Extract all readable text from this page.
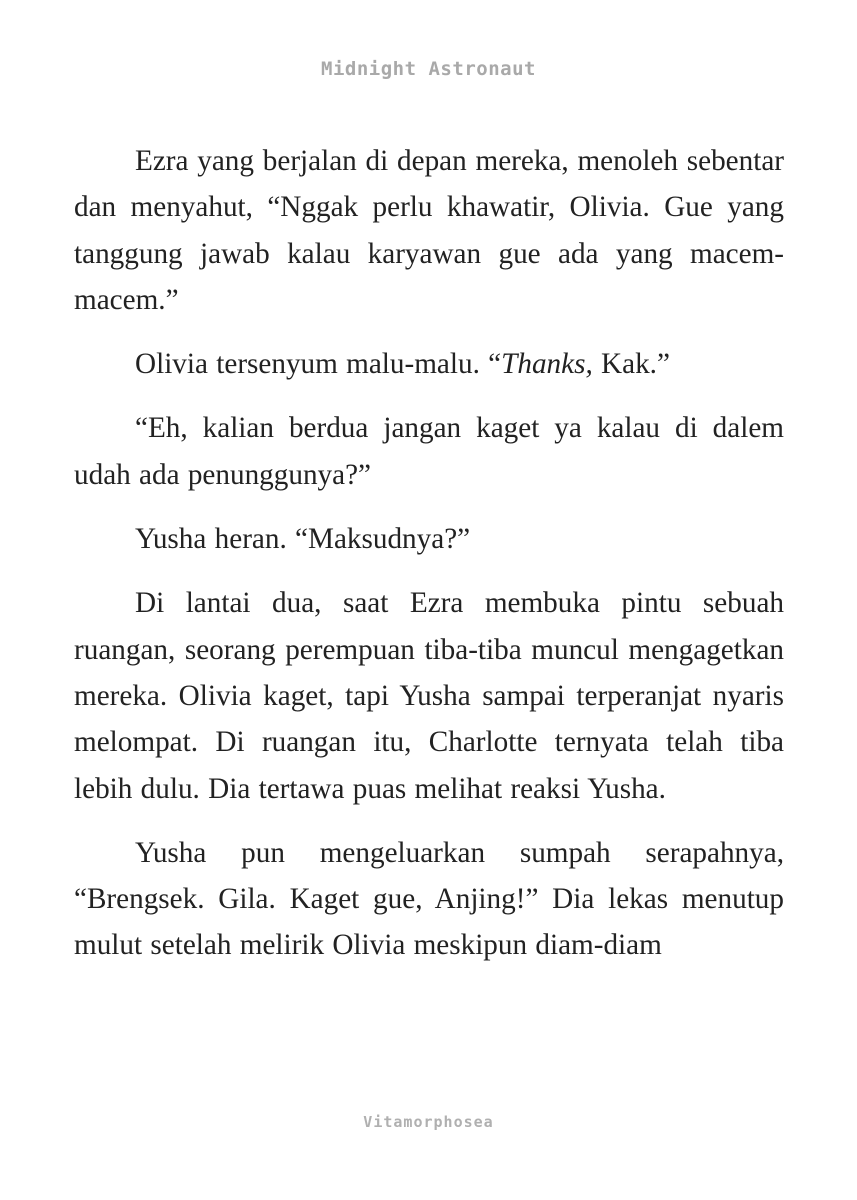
Midnight Astronaut

Ezra yang berjalan di depan mereka, menoleh sebentar dan menyahut, “Nggak perlu khawatir, Olivia. Gue yang tanggung jawab kalau karyawan gue ada yang macem-macem.”

Olivia tersenyum malu-malu. “Thanks, Kak.”

“Eh, kalian berdua jangan kaget ya kalau di dalem udah ada penunggunya?”

Yusha heran. “Maksudnya?”

Di lantai dua, saat Ezra membuka pintu sebuah ruangan, seorang perempuan tiba-tiba muncul mengagetkan mereka. Olivia kaget, tapi Yusha sampai terperanjat nyaris melompat. Di ruangan itu, Charlotte ternyata telah tiba lebih dulu. Dia tertawa puas melihat reaksi Yusha.

Yusha pun mengeluarkan sumpah serapahnya, “Brengsek. Gila. Kaget gue, Anjing!” Dia lekas menutup mulut setelah melirik Olivia meskipun diam-diam

Vitamorphosea
